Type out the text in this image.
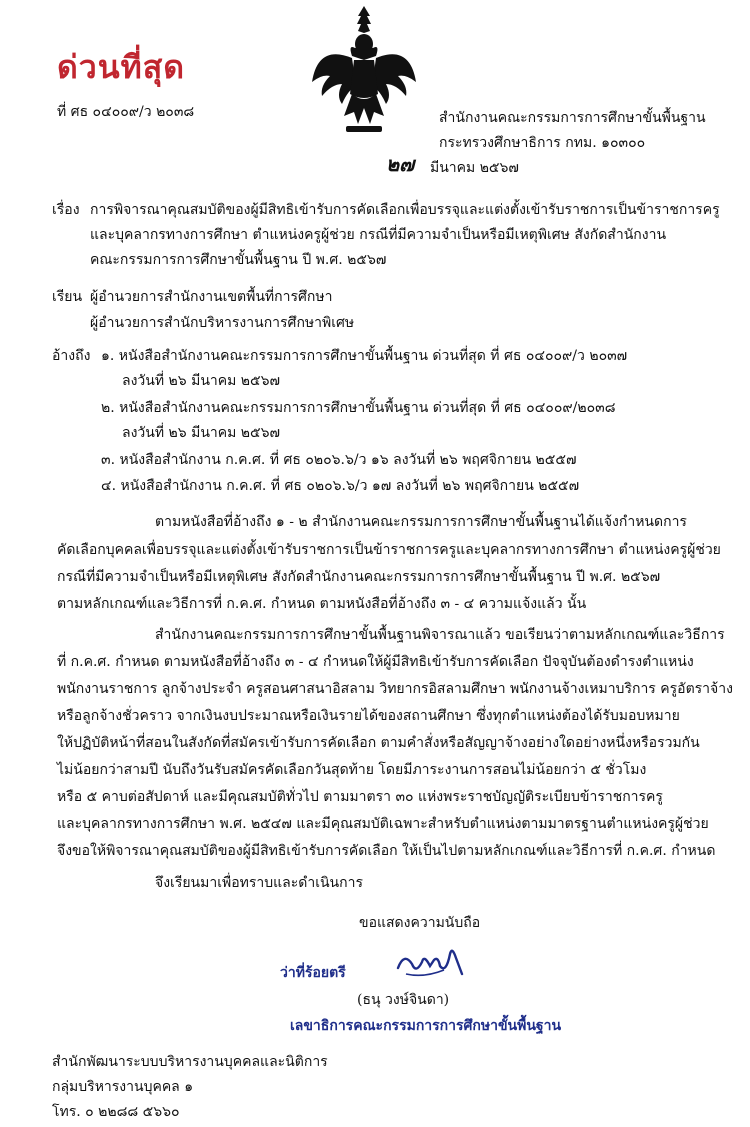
ด่วนที่สุด
ที่ ศธ ๐๔๐๐๙/ว ๒๐๓๘	สำนักงานคณะกรรมการการศึกษาขั้นพื้นฐาน
กระทรวงศึกษาธิการ กทม. ๑๐๓๐๐
๒๗ มีนาคม ๒๕๖๗
เรื่อง การพิจารณาคุณสมบัติของผู้มีสิทธิเข้ารับการคัดเลือกเพื่อบรรจุและแต่งตั้งเข้ารับราชการเป็นข้าราชการครู
และบุคลากรทางการศึกษา ตำแหน่งครูผู้ช่วย กรณีที่มีความจำเป็นหรือมีเหตุพิเศษ สังกัดสำนักงาน
คณะกรรมการการศึกษาขั้นพื้นฐาน ปี พ.ศ. ๒๕๖๗
เรียน ผู้อำนวยการสำนักงานเขตพื้นที่การศึกษา
ผู้อำนวยการสำนักบริหารงานการศึกษาพิเศษ
อ้างถึง ๑. หนังสือสำนักงานคณะกรรมการการศึกษาขั้นพื้นฐาน ด่วนที่สุด ที่ ศธ ๐๔๐๐๙/ว ๒๐๓๗
ลงวันที่ ๒๖ มีนาคม ๒๕๖๗
๒. หนังสือสำนักงานคณะกรรมการการศึกษาขั้นพื้นฐาน ด่วนที่สุด ที่ ศธ ๐๔๐๐๙/๒๐๓๘
ลงวันที่ ๒๖ มีนาคม ๒๕๖๗
๓. หนังสือสำนักงาน ก.ค.ศ. ที่ ศธ ๐๒๐๖.๖/ว ๑๖ ลงวันที่ ๒๖ พฤศจิกายน ๒๕๕๗
๔. หนังสือสำนักงาน ก.ค.ศ. ที่ ศธ ๐๒๐๖.๖/ว ๑๗ ลงวันที่ ๒๖ พฤศจิกายน ๒๕๕๗
ตามหนังสือที่อ้างถึง ๑ - ๒ สำนักงานคณะกรรมการการศึกษาขั้นพื้นฐานได้แจ้งกำหนดการ
คัดเลือกบุคคลเพื่อบรรจุและแต่งตั้งเข้ารับราชการเป็นข้าราชการครูและบุคลากรทางการศึกษา ตำแหน่งครูผู้ช่วย
กรณีที่มีความจำเป็นหรือมีเหตุพิเศษ สังกัดสำนักงานคณะกรรมการการศึกษาขั้นพื้นฐาน ปี พ.ศ. ๒๕๖๗
ตามหลักเกณฑ์และวิธีการที่ ก.ค.ศ. กำหนด ตามหนังสือที่อ้างถึง ๓ - ๔ ความแจ้งแล้ว นั้น
สำนักงานคณะกรรมการการศึกษาขั้นพื้นฐานพิจารณาแล้ว ขอเรียนว่าตามหลักเกณฑ์และวิธีการ
ที่ ก.ค.ศ. กำหนด ตามหนังสือที่อ้างถึง ๓ - ๔ กำหนดให้ผู้มีสิทธิเข้ารับการคัดเลือก ปัจจุบันต้องดำรงตำแหน่ง
พนักงานราชการ ลูกจ้างประจำ ครูสอนศาสนาอิสลาม วิทยากรอิสลามศึกษา พนักงานจ้างเหมาบริการ ครูอัตราจ้าง
หรือลูกจ้างชั่วคราว จากเงินงบประมาณหรือเงินรายได้ของสถานศึกษา ซึ่งทุกตำแหน่งต้องได้รับมอบหมาย
ให้ปฏิบัติหน้าที่สอนในสังกัดที่สมัครเข้ารับการคัดเลือก ตามคำสั่งหรือสัญญาจ้างอย่างใดอย่างหนึ่งหรือรวมกัน
ไม่น้อยกว่าสามปี นับถึงวันรับสมัครคัดเลือกวันสุดท้าย โดยมีภาระงานการสอนไม่น้อยกว่า ๕ ชั่วโมง
หรือ ๕ คาบต่อสัปดาห์ และมีคุณสมบัติทั่วไป ตามมาตรา ๓๐ แห่งพระราชบัญญัติระเบียบข้าราชการครู
และบุคลากรทางการศึกษา พ.ศ. ๒๕๔๗ และมีคุณสมบัติเฉพาะสำหรับตำแหน่งตามมาตรฐานตำแหน่งครูผู้ช่วย
จึงขอให้พิจารณาคุณสมบัติของผู้มีสิทธิเข้ารับการคัดเลือก ให้เป็นไปตามหลักเกณฑ์และวิธีการที่ ก.ค.ศ. กำหนด
จึงเรียนมาเพื่อทราบและดำเนินการ
ขอแสดงความนับถือ
ว่าที่ร้อยตรี
(ธนุ วงษ์จินดา)
เลขาธิการคณะกรรมการการศึกษาขั้นพื้นฐาน
สำนักพัฒนาระบบบริหารงานบุคคลและนิติการ
กลุ่มบริหารงานบุคคล ๑
โทร. ๐ ๒๒๘๘ ๕๖๖๐
